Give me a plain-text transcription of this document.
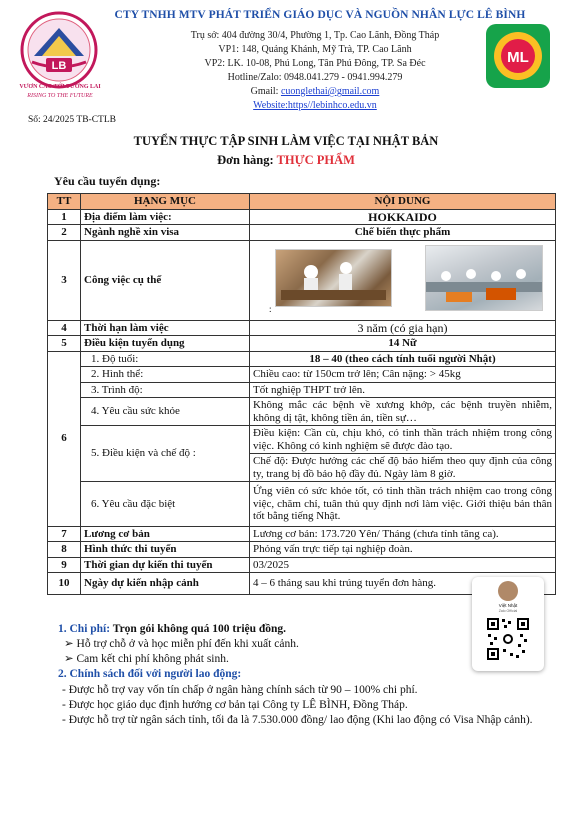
LB
VƯƠN CAO TỚI TƯƠNG LAI
RISING TO THE FUTURE
ML
CTY TNHH MTV PHÁT TRIỂN GIÁO DỤC VÀ NGUỒN NHÂN LỰC LÊ BÌNH
Trụ sở: 404 đường 30/4, Phường 1, Tp. Cao Lãnh, Đồng Tháp
VP1: 148, Quảng Khánh, Mỹ Trà, TP. Cao Lãnh
VP2: LK. 10-08, Phú Long, Tân Phú Đông, TP. Sa Đéc
Hotline/Zalo: 0948.041.279 - 0941.994.279
Gmail: cuonglethai@gmail.com
Website:https//lebinhco.edu.vn
Số: 24/2025 TB-CTLB
TUYỂN THỰC TẬP SINH LÀM VIỆC TẠI NHẬT BẢN
Đơn hàng: THỰC PHẨM
Yêu cầu tuyển dụng:
TT	HẠNG MỤC	NỘI DUNG
1	Địa điểm làm việc:	HOKKAIDO
2	Ngành nghề xin visa	Chế biến thực phẩm
3	Công việc cụ thể	:

4	Thời hạn làm việc	3 năm (có gia hạn)
5	Điều kiện tuyển dụng	14 Nữ
6	1. Độ tuổi:	18 – 40 (theo cách tính tuổi người Nhật)
	2. Hình thể:	Chiều cao: từ 150cm trở lên; Cân nặng: > 45kg
	3. Trình độ:	Tốt nghiệp THPT trở lên.
	4. Yêu cầu sức khỏe	Không mắc các bệnh về xương khớp, các bệnh truyền nhiễm, không dị tật, không tiền án, tiền sự…
	5. Điều kiện và chế độ :	Điều kiện: Cần cù, chịu khó, có tinh thần trách nhiệm trong công việc. Không có kinh nghiệm sẽ được đào tạo.
		Chế độ: Được hưởng các chế độ bảo hiểm theo quy định của công ty, trang bị đồ bảo hộ đầy đủ. Ngày làm 8 giờ.
	6. Yêu cầu đặc biệt	Ứng viên có sức khỏe tốt, có tinh thần trách nhiệm cao trong công việc, chăm chỉ, tuân thủ quy định nơi làm việc. Giới thiệu bản thân tốt bằng tiếng Nhật.
7	Lương cơ bản	Lương cơ bản: 173.720 Yên/ Tháng (chưa tính tăng ca).
8	Hình thức thi tuyển	Phỏng vấn trực tiếp tại nghiệp đoàn.
9	Thời gian dự kiến thi tuyển	03/2025
10	Ngày dự kiến nhập cảnh	4 – 6 tháng sau khi trúng tuyển đơn hàng.
Việt Nhật
Zalo Official
1. Chi phí: Trọn gói không quá 100 triệu đồng.
➢ Hỗ trợ chỗ ở và học miễn phí đến khi xuất cảnh.
➢ Cam kết chi phí không phát sinh.
2. Chính sách đối với người lao động:
- Được hỗ trợ vay vốn tín chấp ở ngân hàng chính sách từ 90 – 100% chi phí.
- Được học giáo dục định hướng cơ bản tại Công ty LÊ BÌNH, Đồng Tháp.
- Được hỗ trợ từ ngân sách tỉnh, tối đa là 7.530.000 đồng/ lao động (Khi lao động có Visa Nhập cảnh).
